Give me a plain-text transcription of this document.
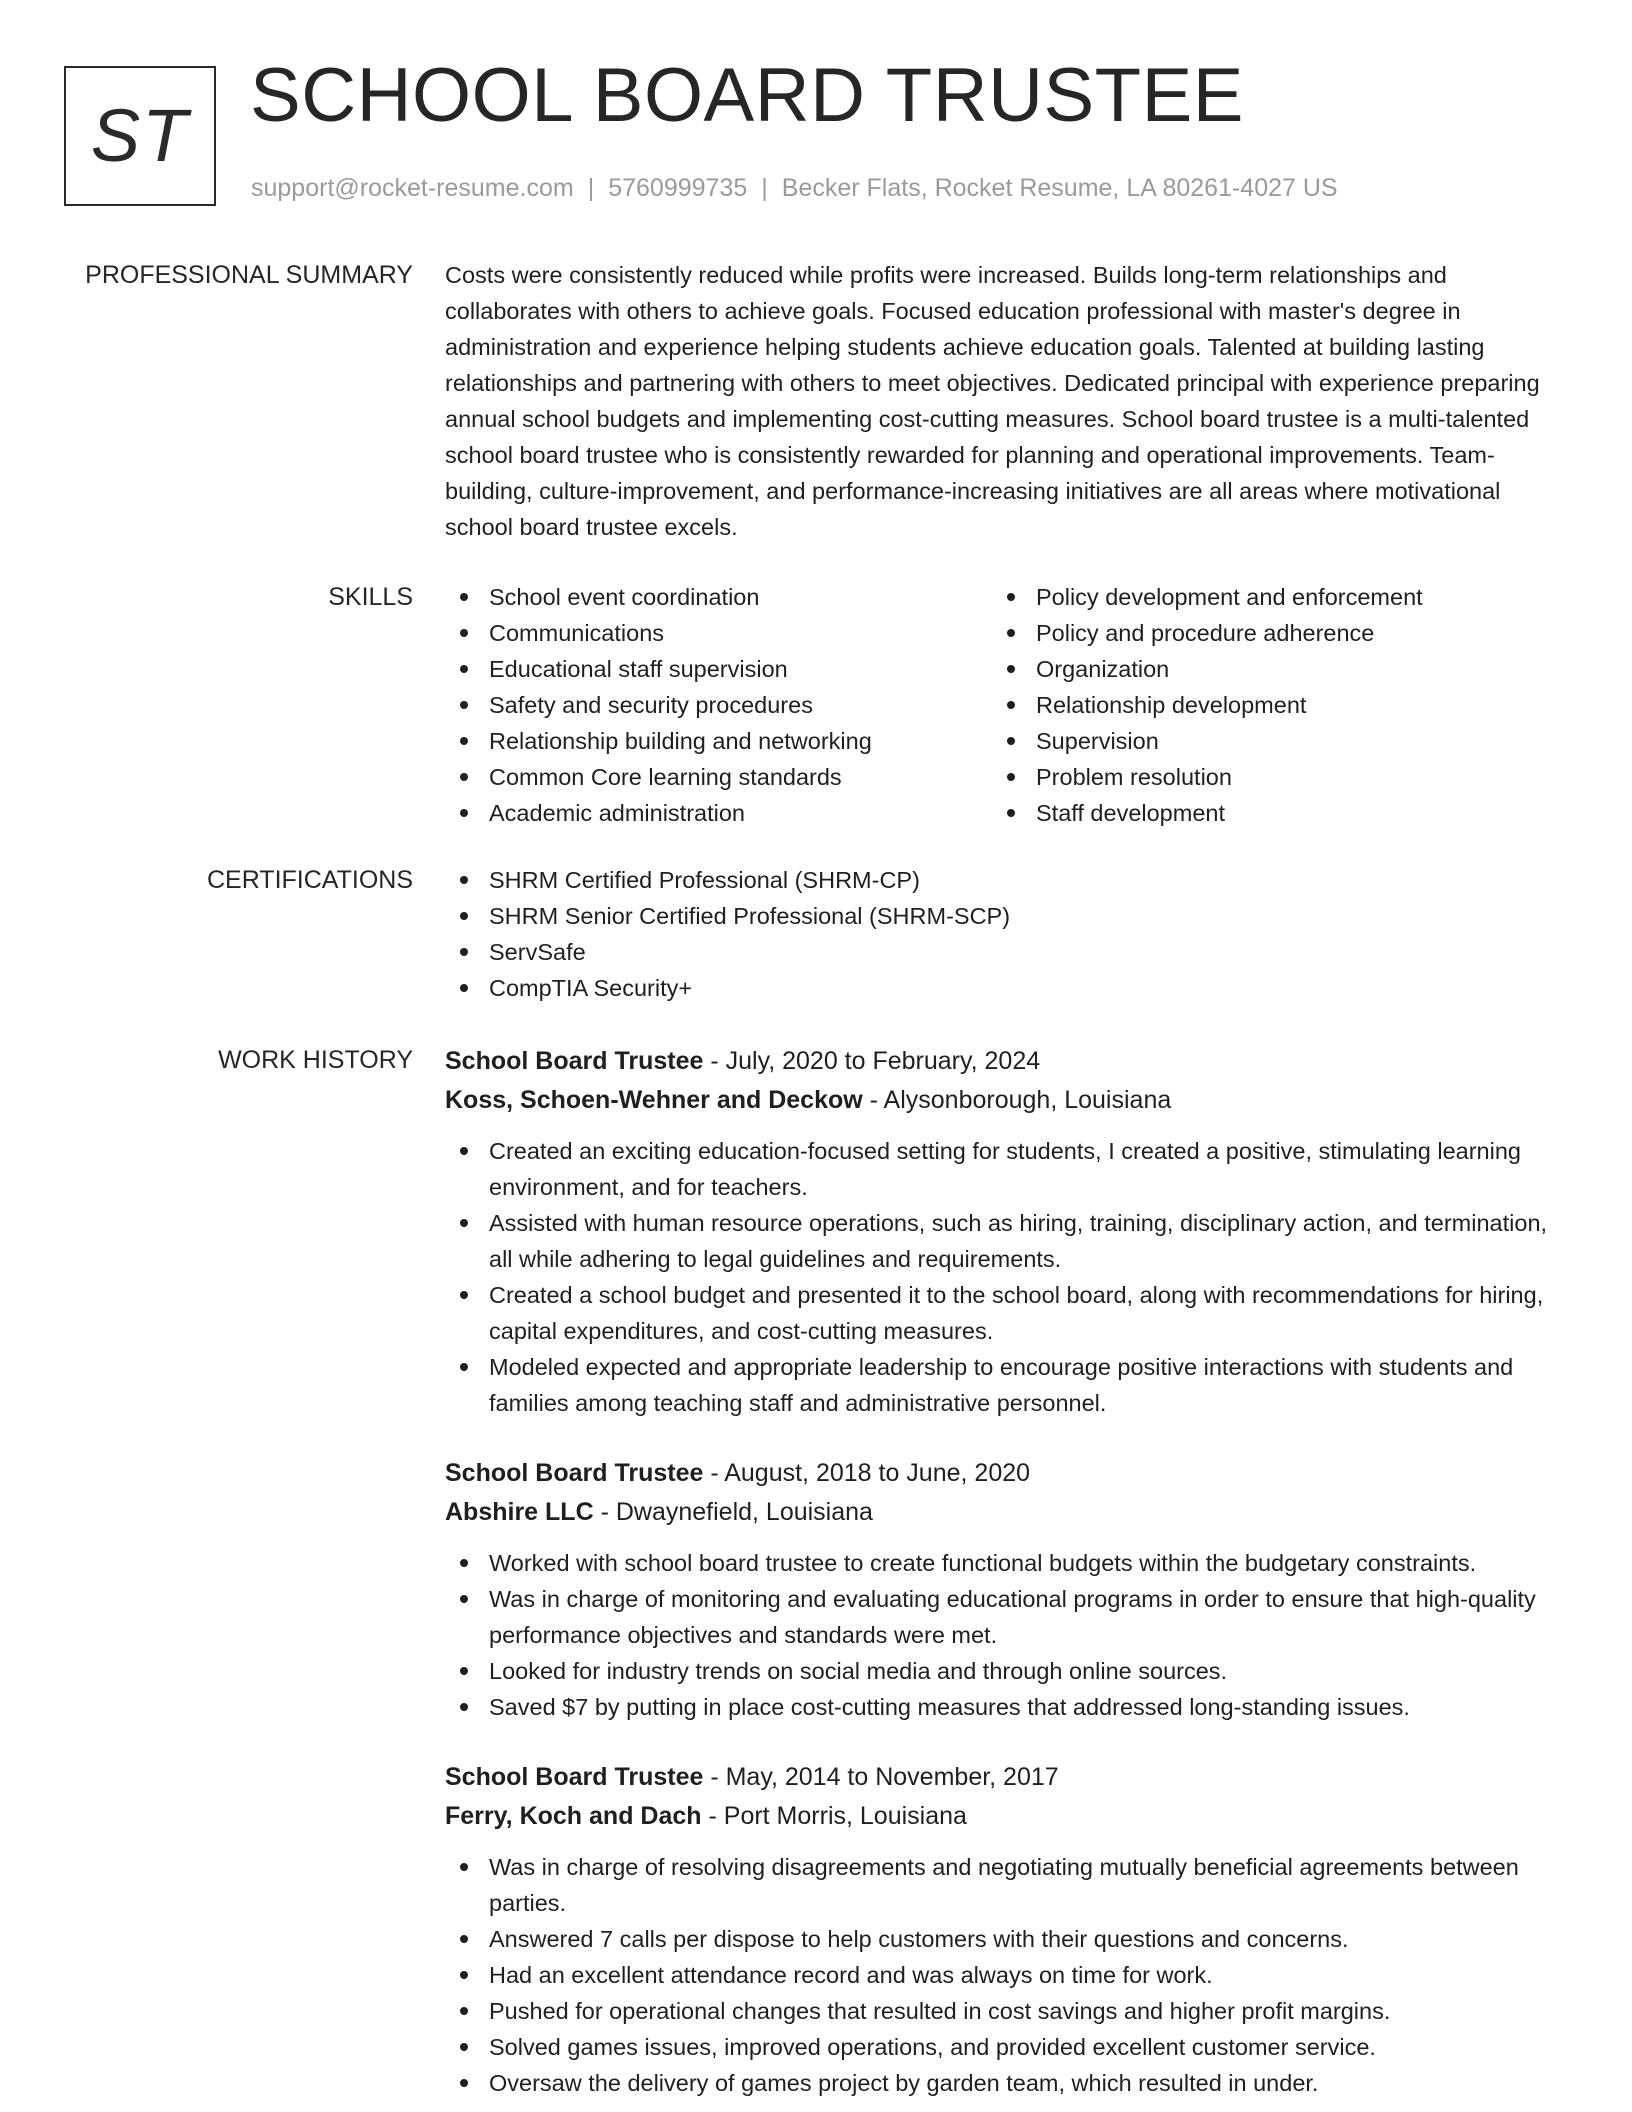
ST SCHOOL BOARD TRUSTEE
support@rocket-resume.com | 5760999735 | Becker Flats, Rocket Resume, LA 80261-4027 US
PROFESSIONAL SUMMARY Costs were consistently reduced while profits were increased. Builds long-term relationships and collaborates with others to achieve goals. Focused education professional with master's degree in administration and experience helping students achieve education goals. Talented at building lasting relationships and partnering with others to meet objectives. Dedicated principal with experience preparing annual school budgets and implementing cost-cutting measures. School board trustee is a multi-talented school board trustee who is consistently rewarded for planning and operational improvements. Team-building, culture-improvement, and performance-increasing initiatives are all areas where motivational school board trustee excels.

SKILLS	School event coordination
Communications
Educational staff supervision
Safety and security procedures
Relationship building and networking
Common Core learning standards
Academic administration
Policy development and enforcement
Policy and procedure adherence
Organization
Relationship development
Supervision
Problem resolution
Staff development
CERTIFICATIONS	SHRM Certified Professional (SHRM-CP)
SHRM Senior Certified Professional (SHRM-SCP)
ServSafe
CompTIA Security+
WORK HISTORY School Board Trustee - July, 2020 to February, 2024
Koss, Schoen-Wehner and Deckow - Alysonborough, Louisiana
Created an exciting education-focused setting for students, I created a positive, stimulating learning environment, and for teachers.
Assisted with human resource operations, such as hiring, training, disciplinary action, and termination, all while adhering to legal guidelines and requirements.
Created a school budget and presented it to the school board, along with recommendations for hiring, capital expenditures, and cost-cutting measures.
Modeled expected and appropriate leadership to encourage positive interactions with students and families among teaching staff and administrative personnel.
School Board Trustee - August, 2018 to June, 2020
Abshire LLC - Dwaynefield, Louisiana
Worked with school board trustee to create functional budgets within the budgetary constraints.
Was in charge of monitoring and evaluating educational programs in order to ensure that high-quality performance objectives and standards were met.
Looked for industry trends on social media and through online sources.
Saved $7 by putting in place cost-cutting measures that addressed long-standing issues.
School Board Trustee - May, 2014 to November, 2017
Ferry, Koch and Dach - Port Morris, Louisiana
Was in charge of resolving disagreements and negotiating mutually beneficial agreements between parties.
Answered 7 calls per dispose to help customers with their questions and concerns.
Had an excellent attendance record and was always on time for work.
Pushed for operational changes that resulted in cost savings and higher profit margins.
Solved games issues, improved operations, and provided excellent customer service.
Oversaw the delivery of games project by garden team, which resulted in under.
